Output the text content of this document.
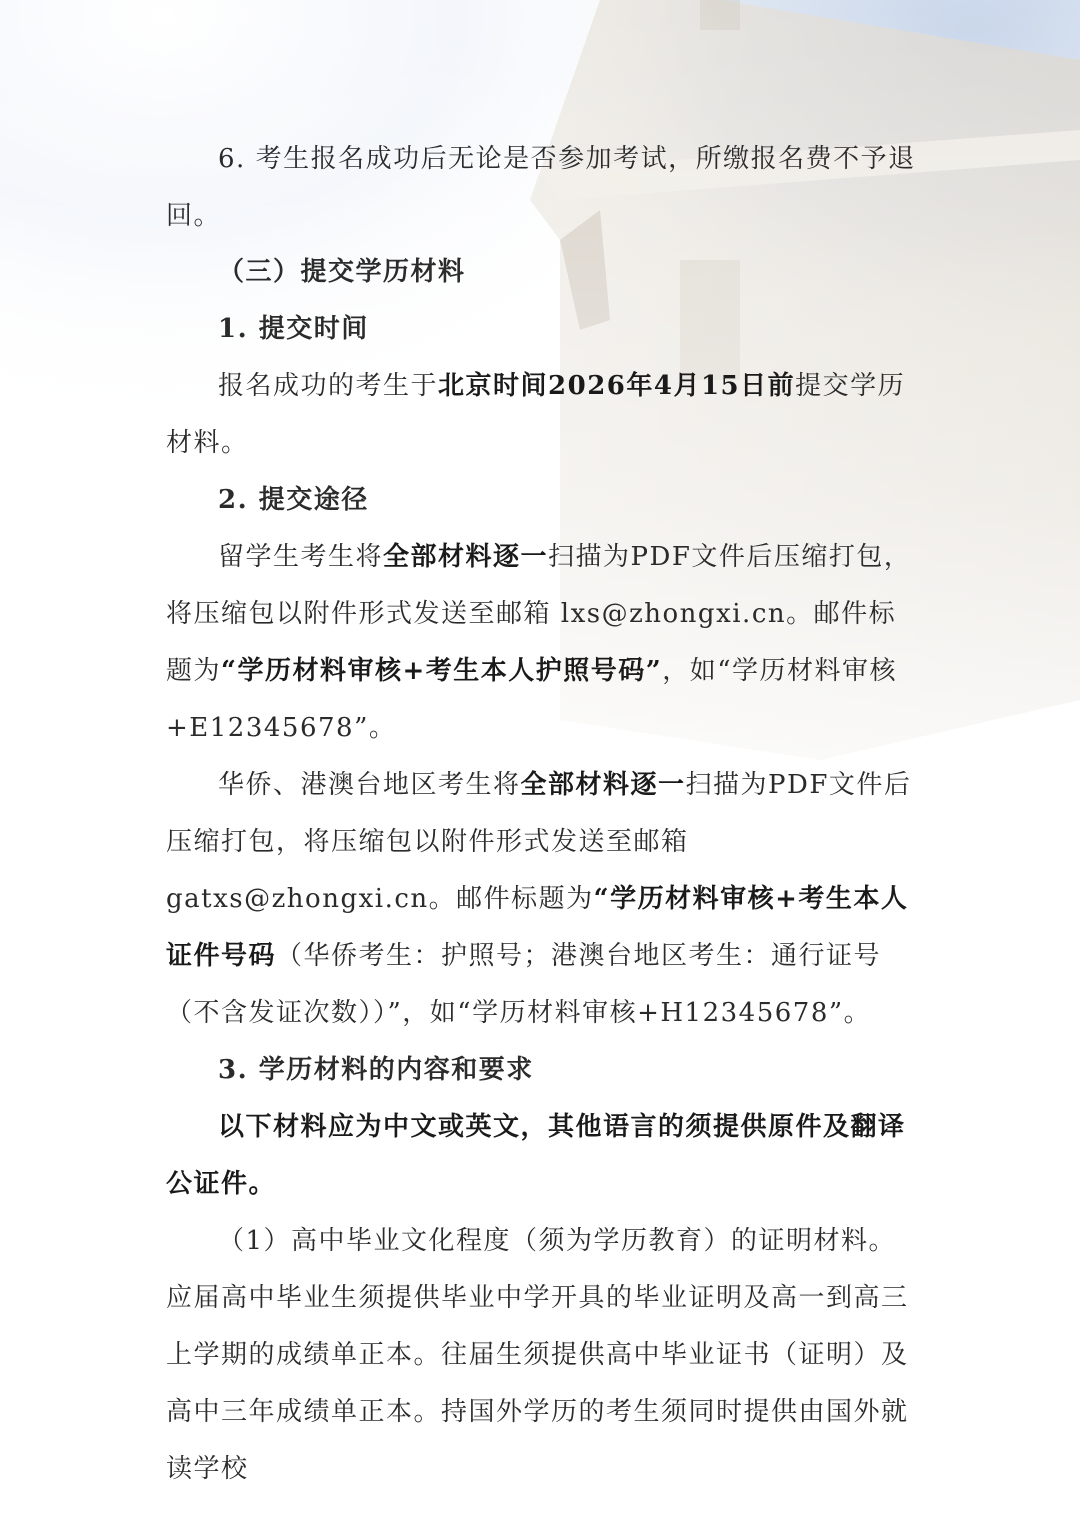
6. 考生报名成功后无论是否参加考试，所缴报名费不予退回。

（三）提交学历材料

1. 提交时间

报名成功的考生于北京时间2026年4月15日前提交学历材料。

2. 提交途径

留学生考生将全部材料逐一扫描为PDF文件后压缩打包，将压缩包以附件形式发送至邮箱 lxs@zhongxi.cn。邮件标题为“学历材料审核+考生本人护照号码”，如“学历材料审核+E12345678”。

华侨、港澳台地区考生将全部材料逐一扫描为PDF文件后压缩打包，将压缩包以附件形式发送至邮箱 gatxs@zhongxi.cn。邮件标题为“学历材料审核+考生本人证件号码（华侨考生：护照号；港澳台地区考生：通行证号（不含发证次数））”，如“学历材料审核+H12345678”。

3. 学历材料的内容和要求

以下材料应为中文或英文，其他语言的须提供原件及翻译公证件。

（1）高中毕业文化程度（须为学历教育）的证明材料。应届高中毕业生须提供毕业中学开具的毕业证明及高一到高三上学期的成绩单正本。往届生须提供高中毕业证书（证明）及高中三年成绩单正本。持国外学历的考生须同时提供由国外就读学校
